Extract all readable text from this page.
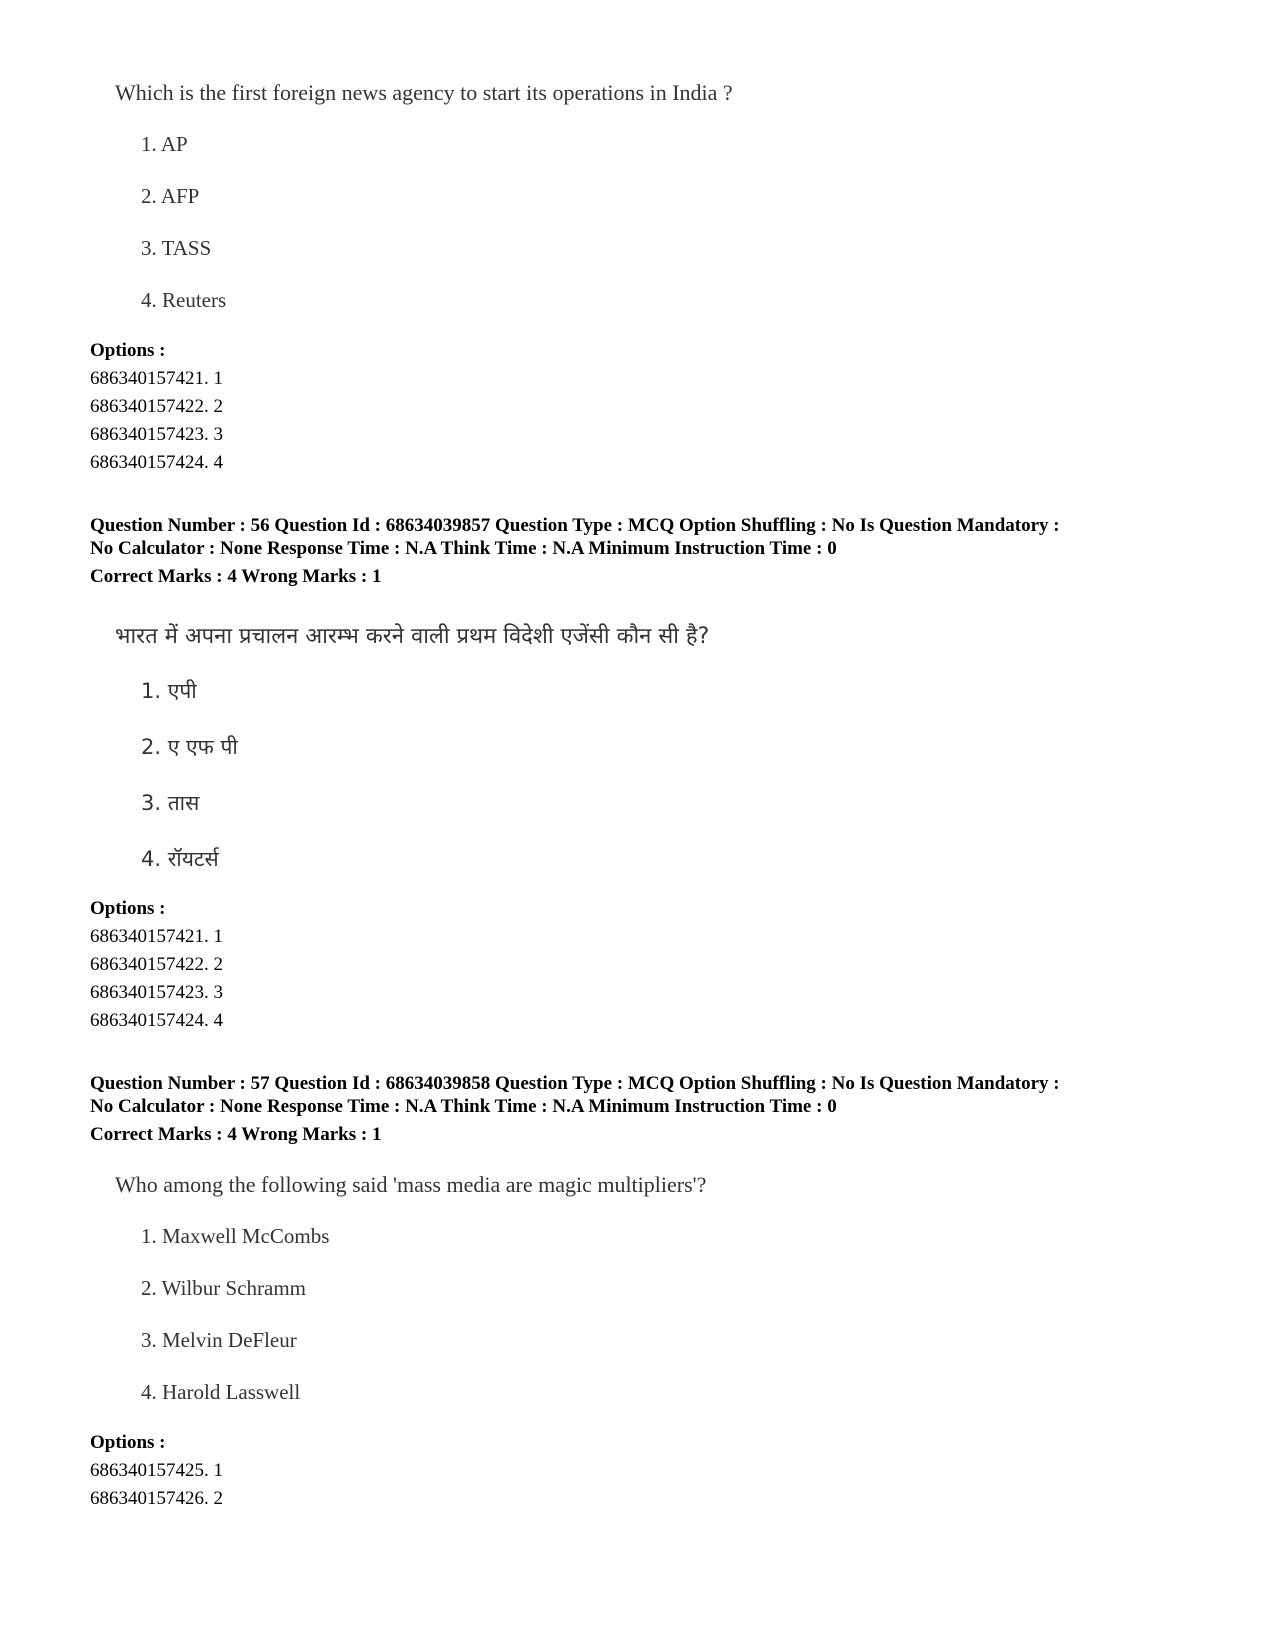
Which is the first foreign news agency to start its operations in India ?
1. AP
2. AFP
3. TASS
4. Reuters
Options :
686340157421. 1
686340157422. 2
686340157423. 3
686340157424. 4
Question Number : 56 Question Id : 68634039857 Question Type : MCQ Option Shuffling : No Is Question Mandatory :
No Calculator : None Response Time : N.A Think Time : N.A Minimum Instruction Time : 0
Correct Marks : 4 Wrong Marks : 1
भारत में अपना प्रचालन आरम्भ करने वाली प्रथम विदेशी एजेंसी कौन सी है?
1. एपी
2. ए एफ पी
3. तास
4. रॉयटर्स
Options :
686340157421. 1
686340157422. 2
686340157423. 3
686340157424. 4
Question Number : 57 Question Id : 68634039858 Question Type : MCQ Option Shuffling : No Is Question Mandatory :
No Calculator : None Response Time : N.A Think Time : N.A Minimum Instruction Time : 0
Correct Marks : 4 Wrong Marks : 1
Who among the following said 'mass media are magic multipliers'?
1. Maxwell McCombs
2. Wilbur Schramm
3. Melvin DeFleur
4. Harold Lasswell
Options :
686340157425. 1
686340157426. 2
